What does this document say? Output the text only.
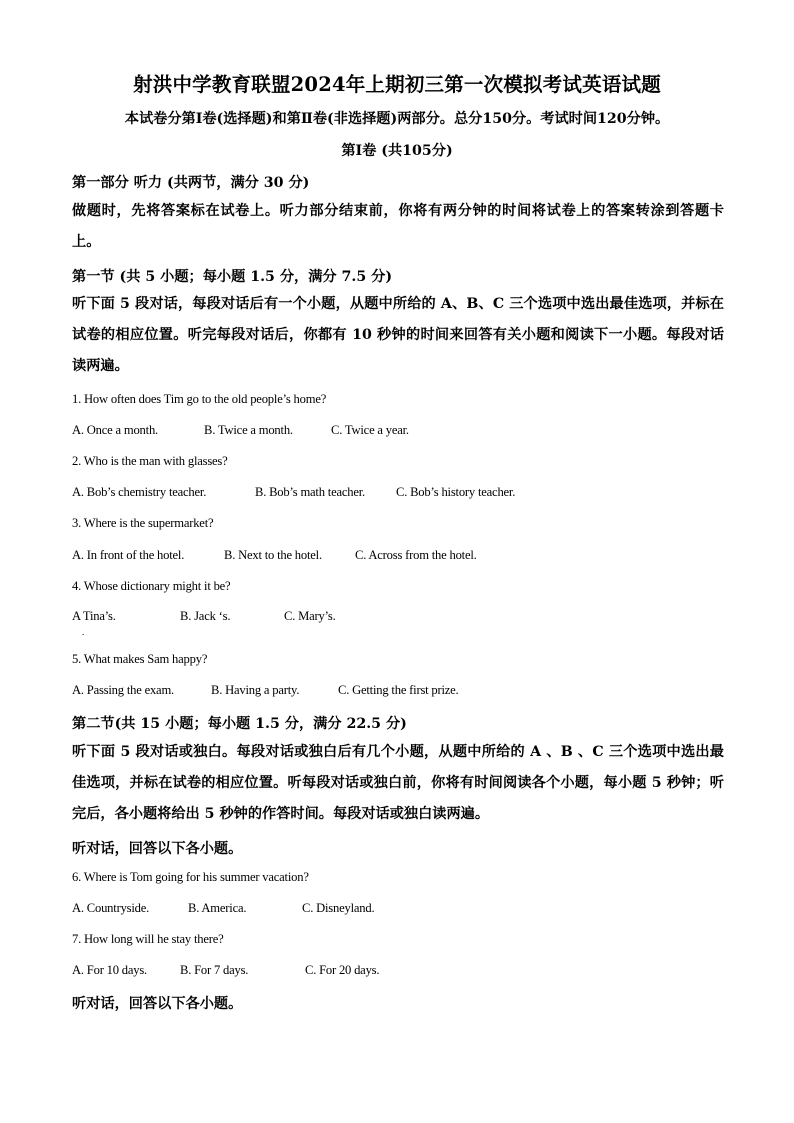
射洪中学教育联盟2024年上期初三第一次模拟考试英语试题
本试卷分第Ⅰ卷(选择题)和第Ⅱ卷(非选择题)两部分。总分150分。考试时间120分钟。
第Ⅰ卷 (共105分)
第一部分 听力 (共两节，满分 30 分)
做题时，先将答案标在试卷上。听力部分结束前，你将有两分钟的时间将试卷上的答案转涂到答题卡上。
第一节 (共 5 小题；每小题 1.5 分，满分 7.5 分)
听下面 5 段对话，每段对话后有一个小题，从题中所给的 A、B、C 三个选项中选出最佳选项，并标在试卷的相应位置。听完每段对话后，你都有 10 秒钟的时间来回答有关小题和阅读下一小题。每段对话读两遍。
1. How often does Tim go to the old people’s home?
A. Once a month.	B. Twice a month.	C. Twice a year.
2. Who is the man with glasses?
A. Bob’s chemistry teacher.	B. Bob’s math teacher. C. Bob’s history teacher.
3. Where is the supermarket?
A. In front of the hotel.	B. Next to the hotel.	C. Across from the hotel.
4. Whose dictionary might it be?
A Tina’s.	B. Jack ‘s.	C. Mary’s.
.
5. What makes Sam happy?
A. Passing the exam.	B. Having a party.	C. Getting the first prize.
第二节(共 15 小题；每小题 1.5 分，满分 22.5 分)
听下面 5 段对话或独白。每段对话或独白后有几个小题，从题中所给的 A 、B 、C 三个选项中选出最佳选项，并标在试卷的相应位置。听每段对话或独白前，你将有时间阅读各个小题，每小题 5 秒钟；听完后，各小题将给出 5 秒钟的作答时间。每段对话或独白读两遍。
听对话，回答以下各小题。
6. Where is Tom going for his summer vacation?
A. Countryside.	B. America.	C. Disneyland.
7. How long will he stay there?
A. For 10 days.	B. For 7 days.	C. For 20 days.
听对话，回答以下各小题。
